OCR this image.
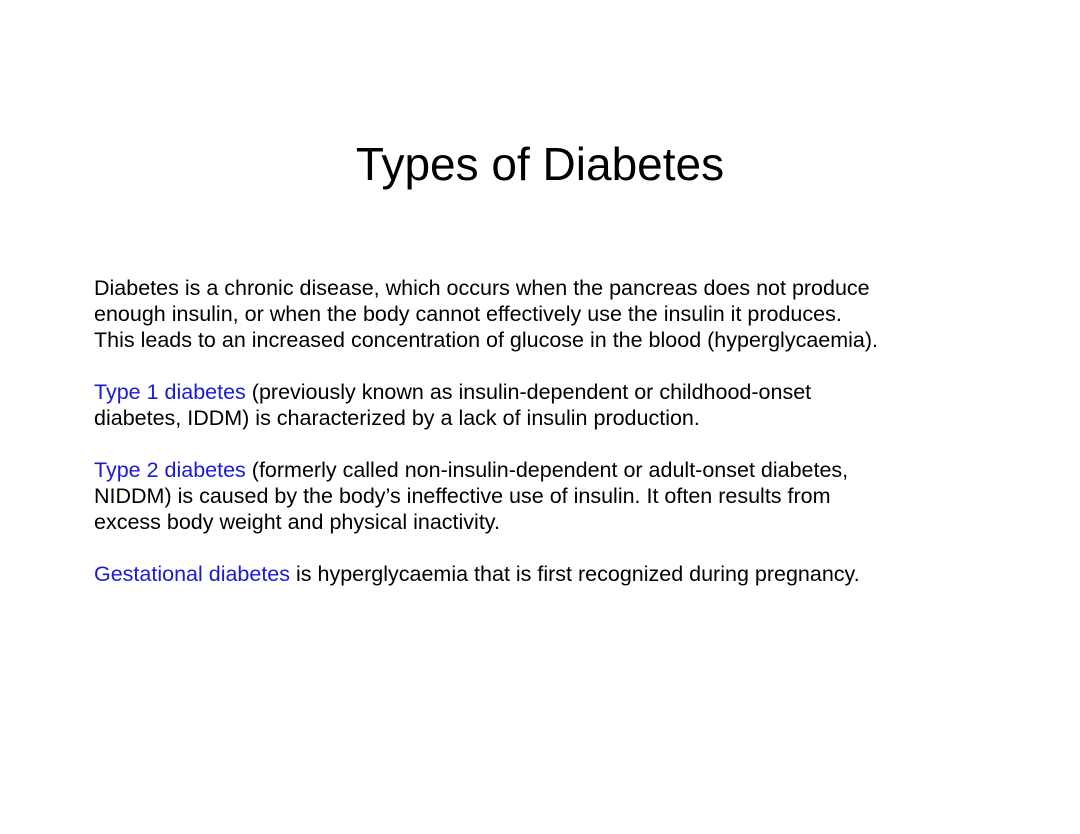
Types of Diabetes

Diabetes is a chronic disease, which occurs when the pancreas does not produce
enough insulin, or when the body cannot effectively use the insulin it produces.
This leads to an increased concentration of glucose in the blood (hyperglycaemia).

Type 1 diabetes (previously known as insulin-dependent or childhood-onset
diabetes, IDDM) is characterized by a lack of insulin production.

Type 2 diabetes (formerly called non-insulin-dependent or adult-onset diabetes,
NIDDM) is caused by the body’s ineffective use of insulin. It often results from
excess body weight and physical inactivity.

Gestational diabetes is hyperglycaemia that is first recognized during pregnancy.
